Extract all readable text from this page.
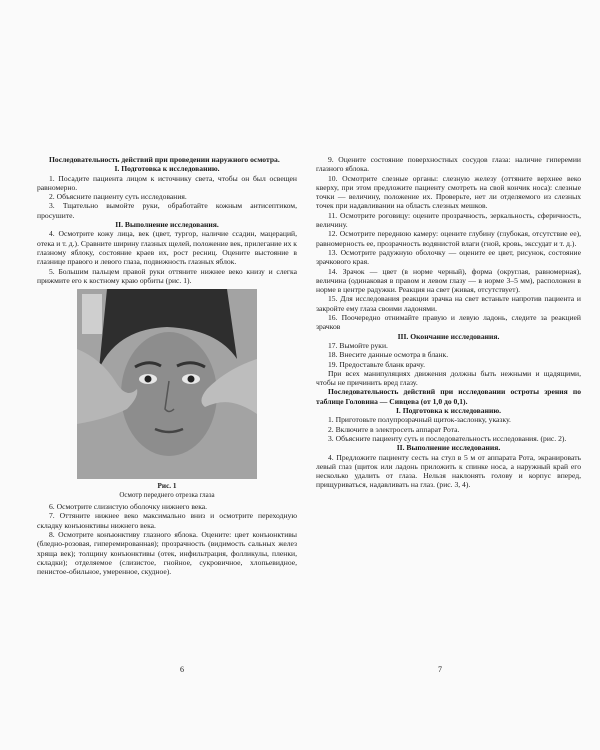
Последовательность действий при проведении наружного осмотра.

I. Подготовка к исследованию.

1. Посадите пациента лицом к источнику света, чтобы он был освещен равномерно.

2. Объясните пациенту суть исследования.

3. Тщательно вымойте руки, обработайте кожным антисептиком, просушите.

II. Выполнение исследования.

4. Осмотрите кожу лица, век (цвет, тургор, наличие ссадин, мацераций, отека и т. д.). Сравните ширину глазных щелей, положение век, прилегание их к глазному яблоку, состояние краев их, рост ресниц. Оцените выстояние в глазнице правого и левого глаза, подвижность глазных яблок.

5. Большим пальцем правой руки оттяните нижнее веко книзу и слегка прижмите его к костному краю орбиты (рис. 1).

Рис. 1
Осмотр переднего отрезка глаза

6. Осмотрите слизистую оболочку нижнего века.

7. Оттяните нижнее веко максимально вниз и осмотрите переходную складку конъюнктивы нижнего века.

8. Осмотрите конъюнктиву глазного яблока. Оцените: цвет конъюнктивы (бледно-розовая, гиперемированная); прозрачность (видимость сальных желез хряща век); толщину конъюнктивы (отек, инфильтрация, фолликулы, пленки, складки); отделяемое (слизистое, гнойное, сукровичное, хлопьевидное, пенистое-обильное, умеренное, скудное).

9. Оцените состояние поверхностных сосудов глаза: наличие гиперемии глазного яблока.

10. Осмотрите слезные органы: слезную железу (оттяните верхнее веко кверху, при этом предложите пациенту смотреть на свой кончик носа): слезные точки — величину, положение их. Проверьте, нет ли отделяемого из слезных точек при надавливании на область слезных мешков.

11. Осмотрите роговицу: оцените прозрачность, зеркальность, сферичность, величину.

12. Осмотрите переднюю камеру: оцените глубину (глубокая, отсутствие ее), равномерность ее, прозрачность водянистой влаги (гной, кровь, экссудат и т. д.).

13. Осмотрите радужную оболочку — оцените ее цвет, рисунок, состояние зрачкового края.

14. Зрачок — цвет (в норме черный), форма (округлая, равномерная), величина (одинаковая в правом и левом глазу — в норме 3–5 мм), расположен в норме в центре радужки. Реакция на свет (живая, отсутствует).

15. Для исследования реакции зрачка на свет встаньте напротив пациента и закройте ему глаза своими ладонями.

16. Поочередно отнимайте правую и левую ладонь, следите за реакцией зрачков

III. Окончание исследования.

17. Вымойте руки.

18. Внесите данные осмотра в бланк.

19. Предоставьте бланк врачу.

При всех манипуляциях движения должны быть нежными и щадящими, чтобы не причинить вред глазу.

Последовательность действий при исследовании остроты зрения по таблице Головина — Сивцева (от 1,0 до 0,1).

I. Подготовка к исследованию.

1. Приготовьте полупрозрачный щиток-заслонку, указку.

2. Включите в электросеть аппарат Рота.

3. Объясните пациенту суть и последовательность исследования. (рис. 2).

II. Выполнение исследования.

4. Предложите пациенту сесть на стул в 5 м от аппарата Рота, экранировать левый глаз (щиток или ладонь приложить к спинке носа, а наружный край его несколько удалить от глаза. Нельзя наклонять голову и корпус вперед, прищуриваться, надавливать на глаз. (рис. 3, 4).

6	7
